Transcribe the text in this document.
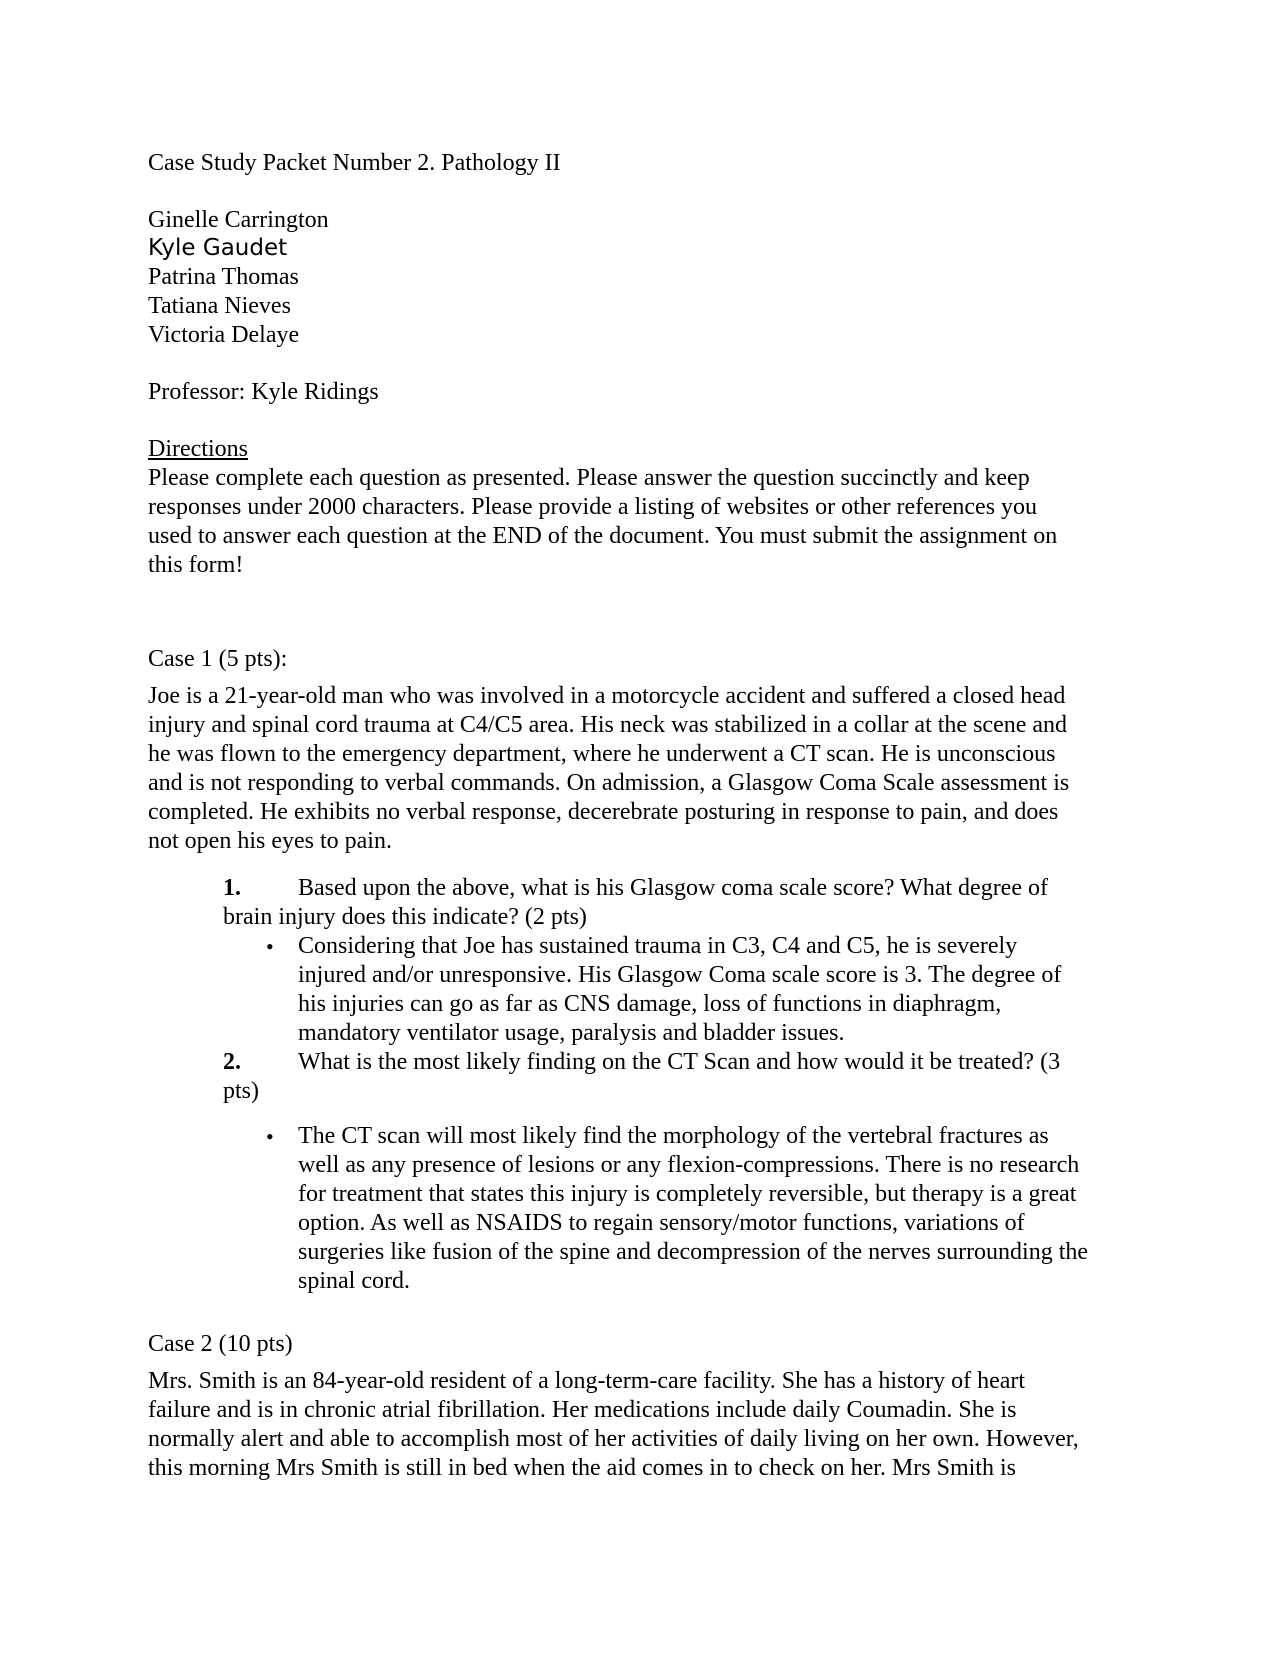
Case Study Packet Number 2. Pathology II
Ginelle Carrington
Kyle Gaudet
Patrina Thomas
Tatiana Nieves
Victoria Delaye
Professor: Kyle Ridings
Directions
Please complete each question as presented. Please answer the question succinctly and keep
responses under 2000 characters. Please provide a listing of websites or other references you
used to answer each question at the END of the document. You must submit the assignment on
this form!
Case 1 (5 pts):
Joe is a 21-year-old man who was involved in a motorcycle accident and suffered a closed head
injury and spinal cord trauma at C4/C5 area. His neck was stabilized in a collar at the scene and
he was flown to the emergency department, where he underwent a CT scan. He is unconscious
and is not responding to verbal commands. On admission, a Glasgow Coma Scale assessment is
completed. He exhibits no verbal response, decerebrate posturing in response to pain, and does
not open his eyes to pain.
1. Based upon the above, what is his Glasgow coma scale score? What degree of
brain injury does this indicate? (2 pts)
• Considering that Joe has sustained trauma in C3, C4 and C5, he is severely
injured and/or unresponsive. His Glasgow Coma scale score is 3. The degree of
his injuries can go as far as CNS damage, loss of functions in diaphragm,
mandatory ventilator usage, paralysis and bladder issues.
2. What is the most likely finding on the CT Scan and how would it be treated? (3
pts)
• The CT scan will most likely find the morphology of the vertebral fractures as
well as any presence of lesions or any flexion-compressions. There is no research
for treatment that states this injury is completely reversible, but therapy is a great
option. As well as NSAIDS to regain sensory/motor functions, variations of
surgeries like fusion of the spine and decompression of the nerves surrounding the
spinal cord.
Case 2 (10 pts)
Mrs. Smith is an 84-year-old resident of a long-term-care facility. She has a history of heart
failure and is in chronic atrial fibrillation. Her medications include daily Coumadin. She is
normally alert and able to accomplish most of her activities of daily living on her own. However,
this morning Mrs Smith is still in bed when the aid comes in to check on her. Mrs Smith is
